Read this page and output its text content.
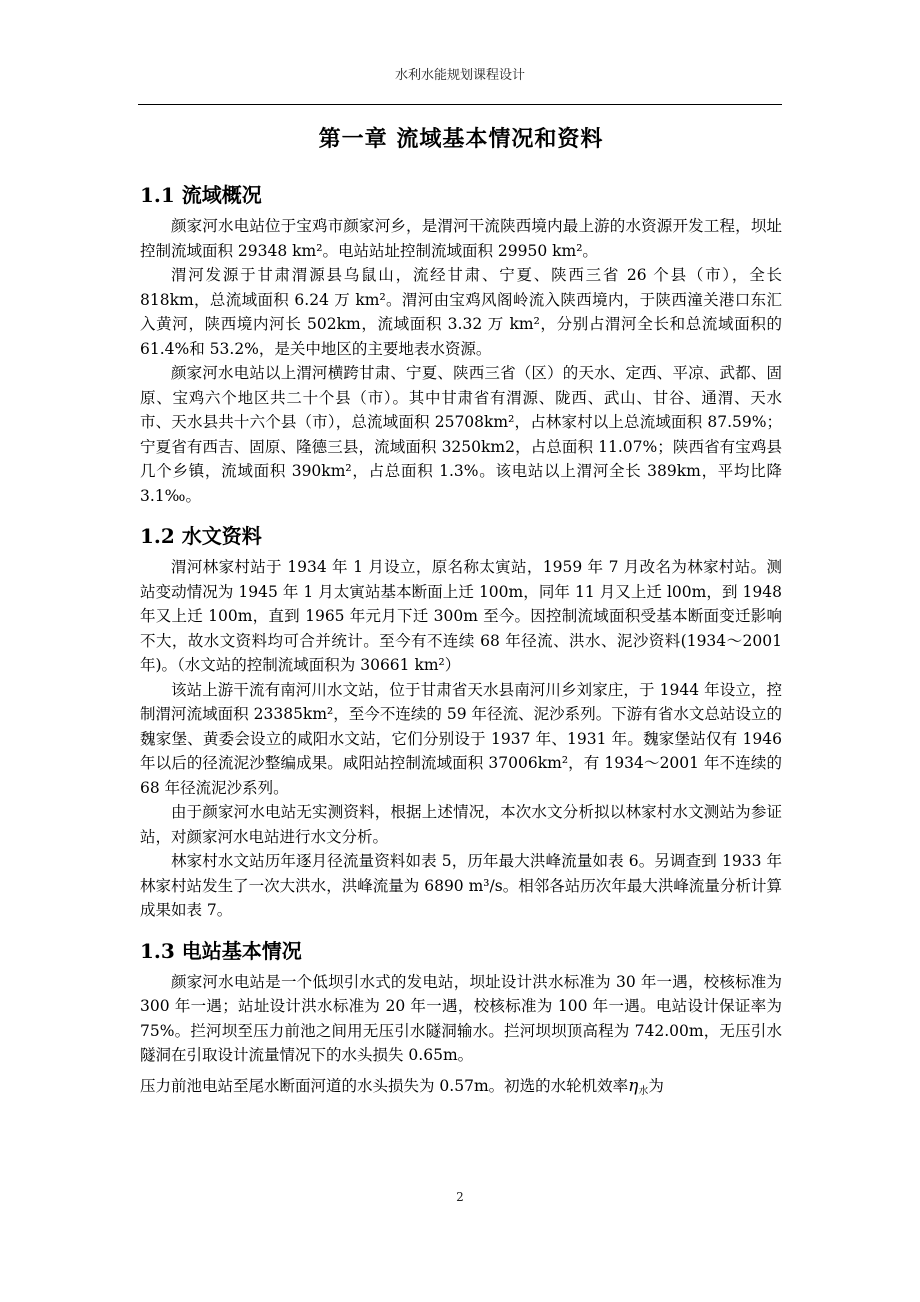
水利水能规划课程设计
第一章 流域基本情况和资料
1.1 流域概况

颜家河水电站位于宝鸡市颜家河乡，是渭河干流陕西境内最上游的水资源开发工程，坝址控制流域面积 29348 km²。电站站址控制流域面积 29950 km²。

渭河发源于甘肃渭源县乌鼠山，流经甘肃、宁夏、陕西三省 26 个县（市），全长 818km，总流域面积 6.24 万 km²。渭河由宝鸡风阁岭流入陕西境内，于陕西潼关港口东汇入黄河，陕西境内河长 502km，流域面积 3.32 万 km²，分别占渭河全长和总流域面积的 61.4%和 53.2%，是关中地区的主要地表水资源。

颜家河水电站以上渭河横跨甘肃、宁夏、陕西三省（区）的天水、定西、平凉、武都、固原、宝鸡六个地区共二十个县（市）。其中甘肃省有渭源、陇西、武山、甘谷、通渭、天水市、天水县共十六个县（市），总流域面积 25708km²，占林家村以上总流域面积 87.59%；宁夏省有西吉、固原、隆德三县，流域面积 3250km2，占总面积 11.07%；陕西省有宝鸡县几个乡镇，流域面积 390km²，占总面积 1.3%。该电站以上渭河全长 389km，平均比降 3.1‰。

1.2 水文资料

渭河林家村站于 1934 年 1 月设立，原名称太寅站，1959 年 7 月改名为林家村站。测站变动情况为 1945 年 1 月太寅站基本断面上迁 100m，同年 11 月又上迁 l00m，到 1948 年又上迁 100m，直到 1965 年元月下迁 300m 至今。因控制流域面积受基本断面变迁影响不大，故水文资料均可合并统计。至今有不连续 68 年径流、洪水、泥沙资料(1934～2001 年)。（水文站的控制流域面积为 30661 km²）

该站上游干流有南河川水文站，位于甘肃省天水县南河川乡刘家庄，于 1944 年设立，控制渭河流域面积 23385km²，至今不连续的 59 年径流、泥沙系列。下游有省水文总站设立的魏家堡、黄委会设立的咸阳水文站，它们分别设于 1937 年、1931 年。魏家堡站仅有 1946 年以后的径流泥沙整编成果。咸阳站控制流域面积 37006km²，有 1934～2001 年不连续的 68 年径流泥沙系列。

由于颜家河水电站无实测资料，根据上述情况，本次水文分析拟以林家村水文测站为参证站，对颜家河水电站进行水文分析。

林家村水文站历年逐月径流量资料如表 5，历年最大洪峰流量如表 6。另调查到 1933 年林家村站发生了一次大洪水，洪峰流量为 6890 m³/s。相邻各站历次年最大洪峰流量分析计算成果如表 7。

1.3 电站基本情况

颜家河水电站是一个低坝引水式的发电站，坝址设计洪水标准为 30 年一遇，校核标准为 300 年一遇；站址设计洪水标准为 20 年一遇，校核标准为 100 年一遇。电站设计保证率为 75%。拦河坝至压力前池之间用无压引水隧洞输水。拦河坝坝顶高程为 742.00m，无压引水隧洞在引取设计流量情况下的水头损失 0.65m。

压力前池电站至尾水断面河道的水头损失为 0.57m。初选的水轮机效率η水为

2
